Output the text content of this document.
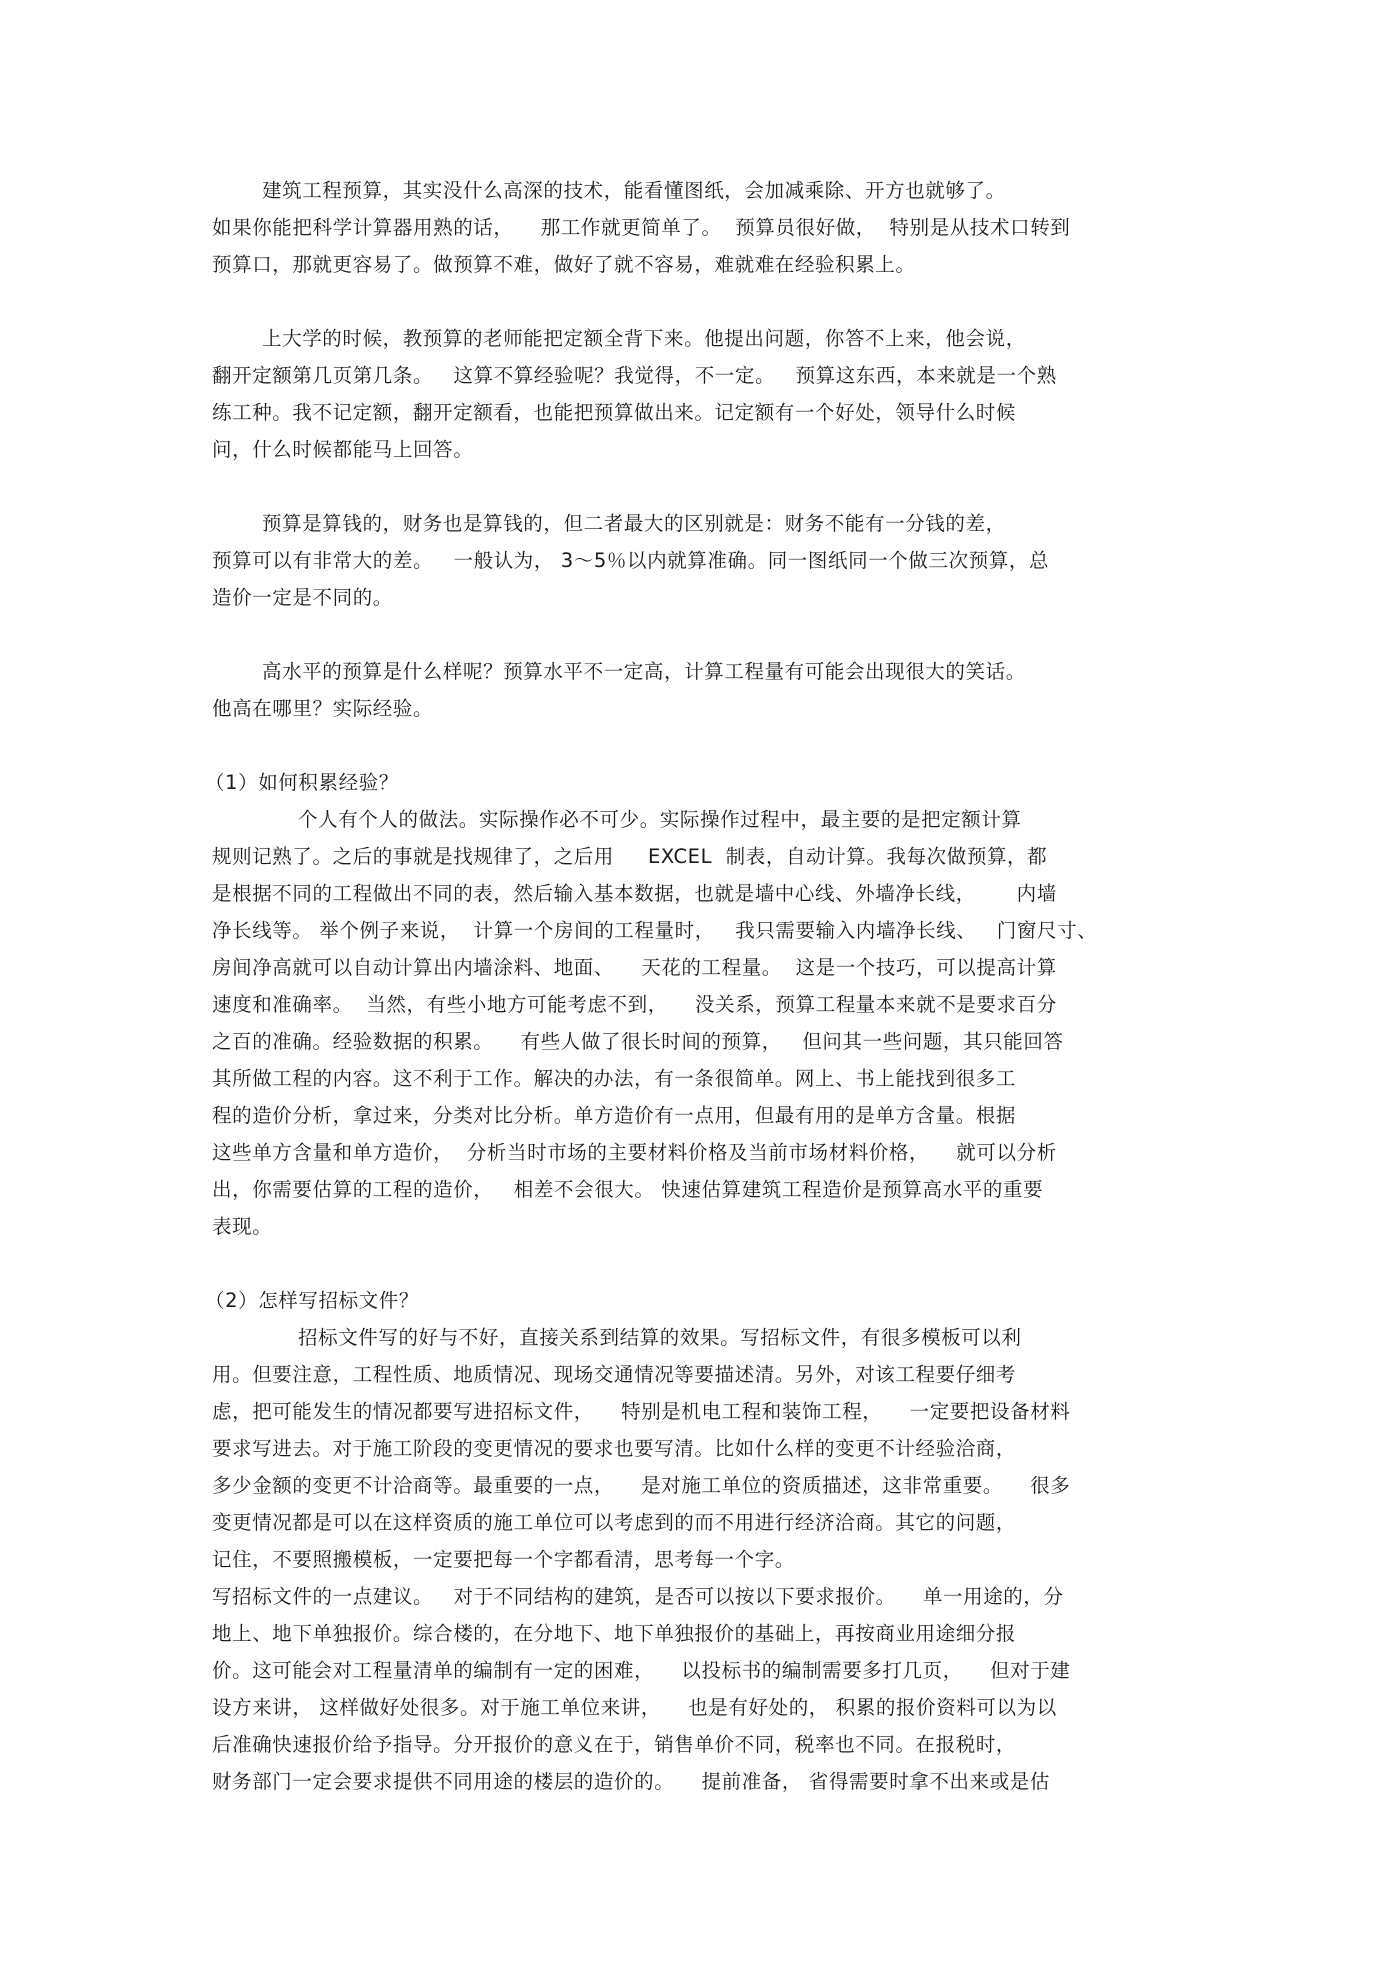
建筑工程预算，其实没什么高深的技术，能看懂图纸，会加减乘除、开方也就够了。
如果你能把科学计算器用熟的话，    那工作就更简单了。  预算员很好做，  特别是从技术口转到
预算口，那就更容易了。做预算不难，做好了就不容易，难就难在经验积累上。
上大学的时候，教预算的老师能把定额全背下来。他提出问题，你答不上来，他会说，
翻开定额第几页第几条。   这算不算经验呢？我觉得，不一定。   预算这东西，本来就是一个熟
练工种。我不记定额，翻开定额看，也能把预算做出来。记定额有一个好处，领导什么时候
问，什么时候都能马上回答。
预算是算钱的，财务也是算钱的，但二者最大的区别就是：财务不能有一分钱的差，
预算可以有非常大的差。   一般认为， 3～5％以内就算准确。同一图纸同一个做三次预算，总
造价一定是不同的。
高水平的预算是什么样呢？预算水平不一定高，计算工程量有可能会出现很大的笑话。
他高在哪里？实际经验。
（1）如何积累经验？
个人有个人的做法。实际操作必不可少。实际操作过程中，最主要的是把定额计算
规则记熟了。之后的事就是找规律了，之后用     EXCEL  制表，自动计算。我每次做预算，都
是根据不同的工程做出不同的表，然后输入基本数据，也就是墙中心线、外墙净长线，      内墙
净长线等。 举个例子来说，  计算一个房间的工程量时，   我只需要输入内墙净长线、   门窗尺寸、
房间净高就可以自动计算出内墙涂料、地面、    天花的工程量。  这是一个技巧，可以提高计算
速度和准确率。  当然，有些小地方可能考虑不到，    没关系，预算工程量本来就不是要求百分
之百的准确。经验数据的积累。    有些人做了很长时间的预算，   但问其一些问题，其只能回答
其所做工程的内容。这不利于工作。解决的办法，有一条很简单。网上、书上能找到很多工
程的造价分析，拿过来，分类对比分析。单方造价有一点用，但最有用的是单方含量。根据
这些单方含量和单方造价，  分析当时市场的主要材料价格及当前市场材料价格，    就可以分析
出，你需要估算的工程的造价，   相差不会很大。 快速估算建筑工程造价是预算高水平的重要
表现。
（2）怎样写招标文件？
招标文件写的好与不好，直接关系到结算的效果。写招标文件，有很多模板可以利
用。但要注意，工程性质、地质情况、现场交通情况等要描述清。另外，对该工程要仔细考
虑，把可能发生的情况都要写进招标文件，    特别是机电工程和装饰工程，    一定要把设备材料
要求写进去。对于施工阶段的变更情况的要求也要写清。比如什么样的变更不计经验洽商，
多少金额的变更不计洽商等。最重要的一点，    是对施工单位的资质描述，这非常重要。    很多
变更情况都是可以在这样资质的施工单位可以考虑到的而不用进行经济洽商。其它的问题，
记住，不要照搬模板，一定要把每一个字都看清，思考每一个字。
写招标文件的一点建议。   对于不同结构的建筑，是否可以按以下要求报价。    单一用途的，分
地上、地下单独报价。综合楼的，在分地下、地下单独报价的基础上，再按商业用途细分报
价。这可能会对工程量清单的编制有一定的困难，    以投标书的编制需要多打几页，    但对于建
设方来讲， 这样做好处很多。对于施工单位来讲，    也是有好处的， 积累的报价资料可以为以
后准确快速报价给予指导。分开报价的意义在于，销售单价不同，税率也不同。在报税时，
财务部门一定会要求提供不同用途的楼层的造价的。    提前准备， 省得需要时拿不出来或是估
